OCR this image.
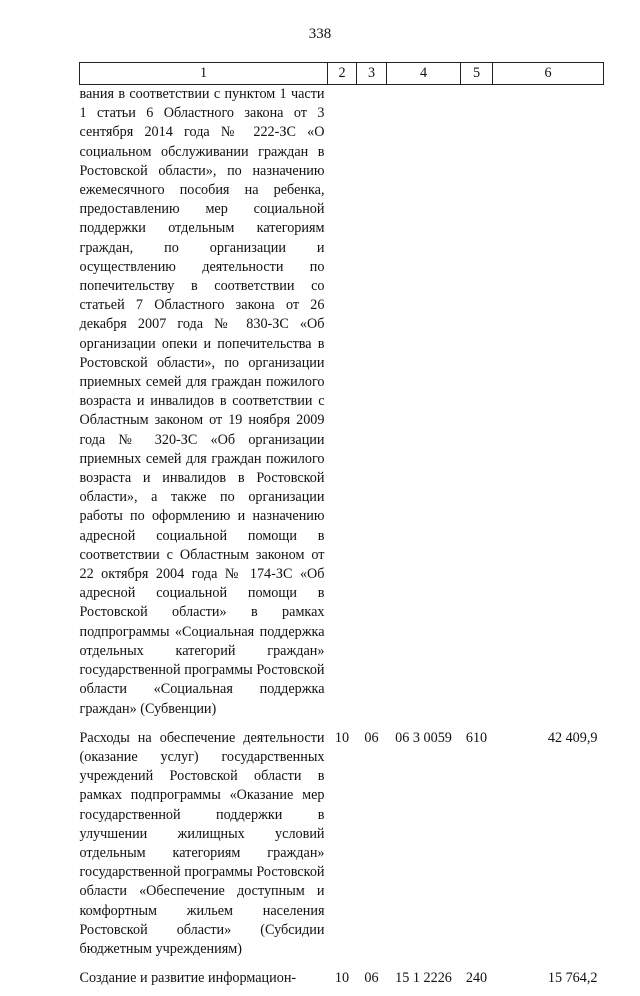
338
1	2	3	4	5	6
вания в соответствии с пунктом 1 части 1 статьи 6 Областного закона от 3 сентября 2014 года № 222-ЗС «О социальном обслуживании граждан в Ростовской области», по назначению ежемесячного пособия на ребенка, предоставлению мер социальной поддержки отдельным категориям граждан, по организации и осуществлению деятельности по попечительству в соответствии со статьей 7 Областного закона от 26 декабря 2007 года № 830-ЗС «Об организации опеки и попечительства в Ростовской области», по организации приемных семей для граждан пожилого возраста и инвалидов в соответствии с Областным законом от 19 ноября 2009 года № 320-ЗС «Об организации приемных семей для граждан пожилого возраста и инвалидов в Ростовской области», а также по организации работы по оформлению и назначению адресной социальной помощи в соответствии с Областным законом от 22 октября 2004 года № 174-ЗС «Об адресной социальной помощи в Ростовской области» в рамках подпрограммы «Социальная поддержка отдельных категорий граждан» государственной программы Ростовской области «Социальная поддержка граждан» (Субвенции)					
Расходы на обеспечение деятельности (оказание услуг) государственных учреждений Ростовской области в рамках подпрограммы «Оказание мер государственной поддержки в улучшении жилищных условий отдельным категориям граждан» государственной программы Ростовской области «Обеспечение доступным и комфортным жильем населения Ростовской области» (Субсидии бюджетным учреждениям)	10	06	06 3 0059	610	42 409,9
Создание и развитие информацион-	10	06	15 1 2226	240	15 764,2
